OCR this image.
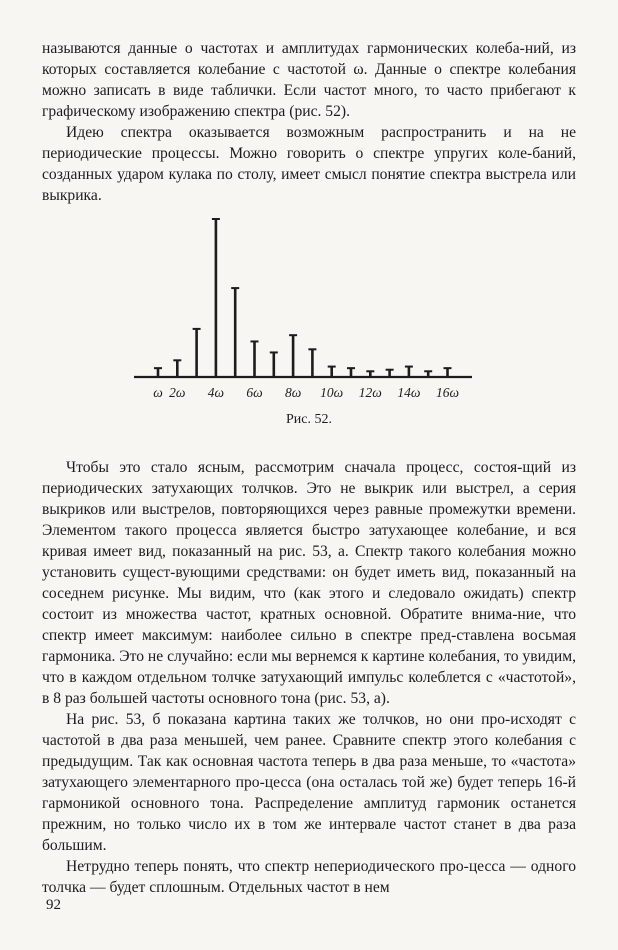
называются данные о частотах и амплитудах гармонических колеба-ний, из которых составляется колебание с частотой ω. Данные о спектре колебания можно записать в виде таблички. Если частот много, то часто прибегают к графическому изображению спектра (рис. 52).

Идею спектра оказывается возможным распространить и на не периодические процессы. Можно говорить о спектре упругих коле-баний, созданных ударом кулака по столу, имеет смысл понятие спектра выстрела или выкрика.

ω 2ω 4ω 6ω 8ω 10ω 12ω 14ω 16ω
Рис. 52.

Чтобы это стало ясным, рассмотрим сначала процесс, состоя-щий из периодических затухающих толчков. Это не выкрик или выстрел, а серия выкриков или выстрелов, повторяющихся через равные промежутки времени. Элементом такого процесса является быстро затухающее колебание, и вся кривая имеет вид, показанный на рис. 53, а. Спектр такого колебания можно установить сущест-вующими средствами: он будет иметь вид, показанный на соседнем рисунке. Мы видим, что (как этого и следовало ожидать) спектр состоит из множества частот, кратных основной. Обратите внима-ние, что спектр имеет максимум: наиболее сильно в спектре пред-ставлена восьмая гармоника. Это не случайно: если мы вернемся к картине колебания, то увидим, что в каждом отдельном толчке затухающий импульс колеблется с «частотой», в 8 раз большей частоты основного тона (рис. 53, а).

На рис. 53, б показана картина таких же толчков, но они про-исходят с частотой в два раза меньшей, чем ранее. Сравните спектр этого колебания с предыдущим. Так как основная частота теперь в два раза меньше, то «частота» затухающего элементарного про-цесса (она осталась той же) будет теперь 16-й гармоникой основного тона. Распределение амплитуд гармоник останется прежним, но только число их в том же интервале частот станет в два раза большим.

Нетрудно теперь понять, что спектр непериодического про-цесса — одного толчка — будет сплошным. Отдельных частот в нем

92
